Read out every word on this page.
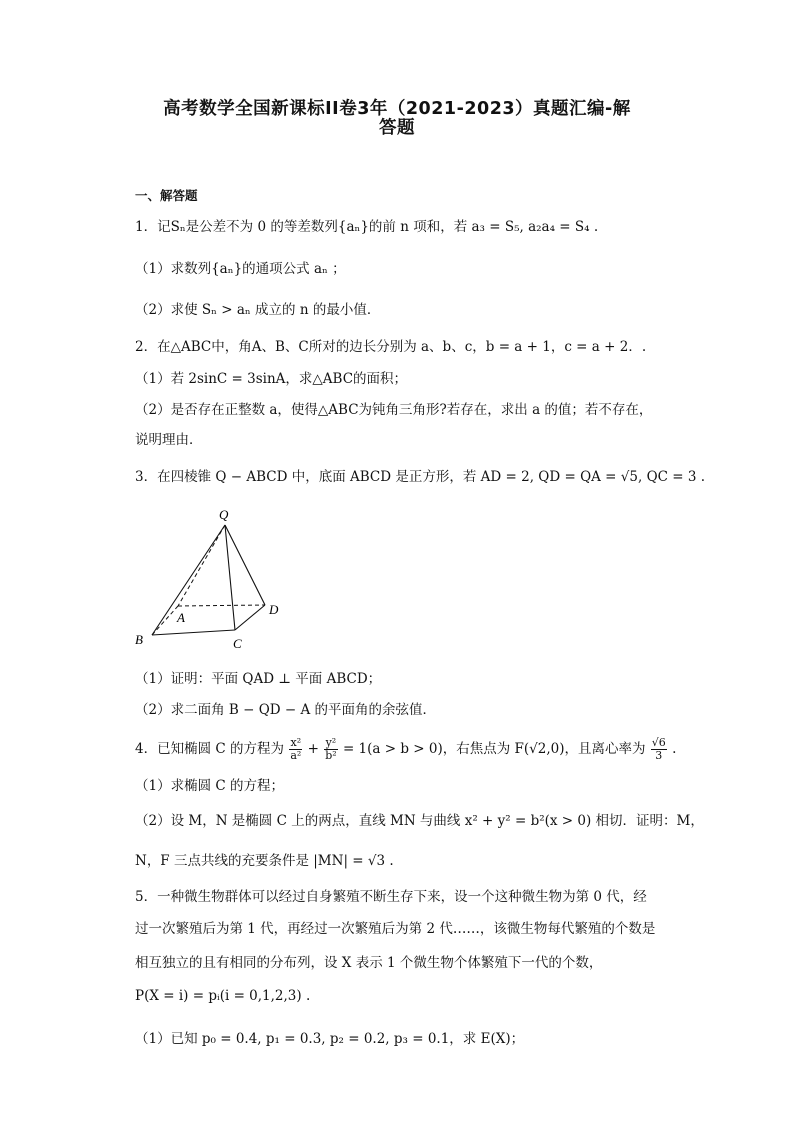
高考数学全国新课标II卷3年（2021-2023）真题汇编-解
答题
一、解答题
1．记Sₙ是公差不为 0 的等差数列{aₙ}的前 n 项和，若 a₃ = S₅, a₂a₄ = S₄ .
（1）求数列{aₙ}的通项公式 aₙ ；
（2）求使 Sₙ > aₙ 成立的 n 的最小值．
2．在△ABC中，角A、B、C所对的边长分别为 a、b、c，b = a + 1，c = a + 2．.
（1）若 2sinC = 3sinA，求△ABC的面积；
（2）是否存在正整数 a，使得△ABC为钝角三角形?若存在，求出 a 的值；若不存在，
说明理由．
3．在四棱锥 Q − ABCD 中，底面 ABCD 是正方形，若 AD = 2, QD = QA = √5, QC = 3 .
Q
A
B	C
D
（1）证明：平面 QAD ⊥ 平面 ABCD；
（2）求二面角 B − QD − A 的平面角的余弦值．
4．已知椭圆 C 的方程为 $\frac{\text{x²}}{\text{a²}} + \frac{\text{y²}}{\text{b²}} = 1(a > b > 0)$，右焦点为 F(√2,0)，且离心率为 $\frac{√6}{3}$ .
（1）求椭圆 C 的方程；
（2）设 M，N 是椭圆 C 上的两点，直线 MN 与曲线 x² + y² = b²(x > 0) 相切．证明：M，
N，F 三点共线的充要条件是 |MN| = √3 .
5．一种微生物群体可以经过自身繁殖不断生存下来，设一个这种微生物为第 0 代，经
过一次繁殖后为第 1 代，再经过一次繁殖后为第 2 代……，该微生物每代繁殖的个数是
相互独立的且有相同的分布列，设 X 表示 1 个微生物个体繁殖下一代的个数，
P(X = i) = pᵢ(i = 0,1,2,3) .
（1）已知 p₀ = 0.4, p₁ = 0.3, p₂ = 0.2, p₃ = 0.1，求 E(X)；
